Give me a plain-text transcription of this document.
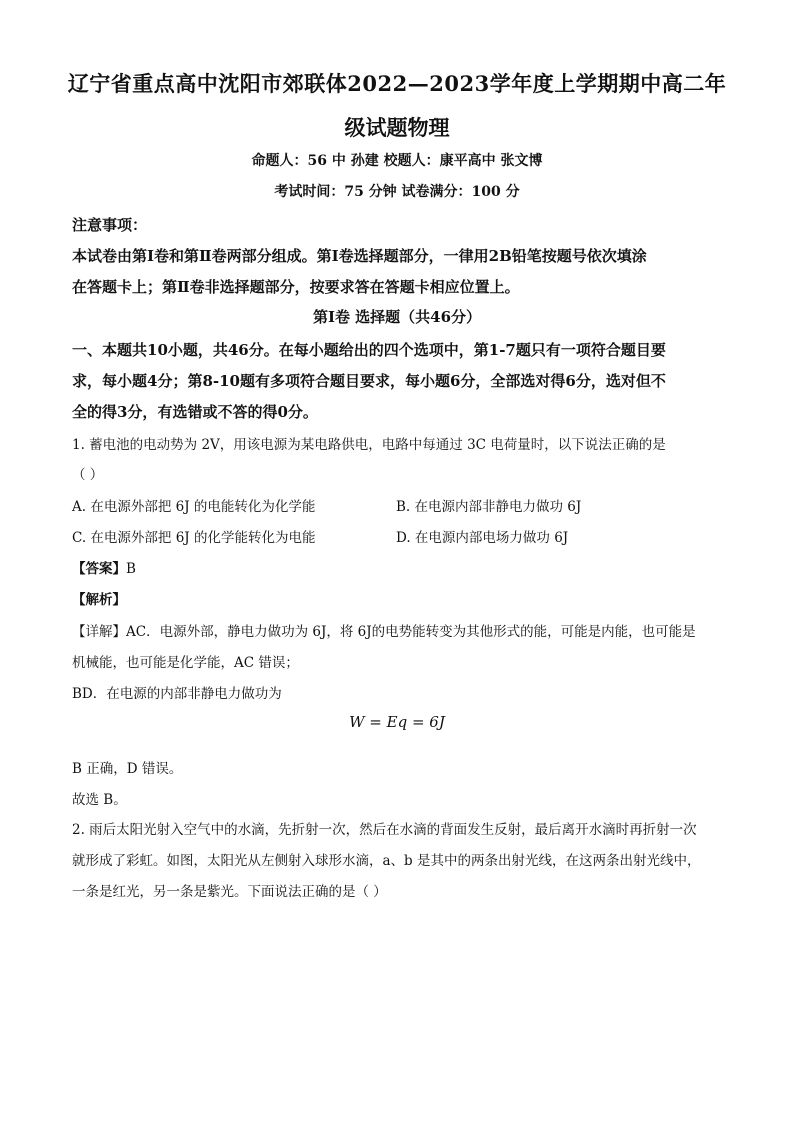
辽宁省重点高中沈阳市郊联体2022—2023学年度上学期期中高二年
级试题物理
命题人：56 中 孙建 校题人：康平高中 张文博
考试时间：75 分钟 试卷满分：100 分
注意事项：
本试卷由第Ⅰ卷和第Ⅱ卷两部分组成。第Ⅰ卷选择题部分，一律用2B铅笔按题号依次填涂
在答题卡上；第Ⅱ卷非选择题部分，按要求答在答题卡相应位置上。
第Ⅰ卷 选择题（共46分）
一、本题共10小题，共46分。在每小题给出的四个选项中，第1-7题只有一项符合题目要
求，每小题4分；第8-10题有多项符合题目要求，每小题6分，全部选对得6分，选对但不
全的得3分，有选错或不答的得0分。
1. 蓄电池的电动势为 2V，用该电源为某电路供电，电路中每通过 3C 电荷量时，以下说法正确的是
（ ）
A. 在电源外部把 6J 的电能转化为化学能	B. 在电源内部非静电力做功 6J
C. 在电源外部把 6J 的化学能转化为电能	D. 在电源内部电场力做功 6J
【答案】B
【解析】
【详解】AC．电源外部，静电力做功为 6J，将 6J的电势能转变为其他形式的能，可能是内能，也可能是
机械能，也可能是化学能，AC 错误；
BD．在电源的内部非静电力做功为
W = Eq = 6J
B 正确，D 错误。
故选 B。
2. 雨后太阳光射入空气中的水滴，先折射一次，然后在水滴的背面发生反射，最后离开水滴时再折射一次
就形成了彩虹。如图，太阳光从左侧射入球形水滴，a、b 是其中的两条出射光线，在这两条出射光线中，
一条是红光，另一条是紫光。下面说法正确的是（ ）
